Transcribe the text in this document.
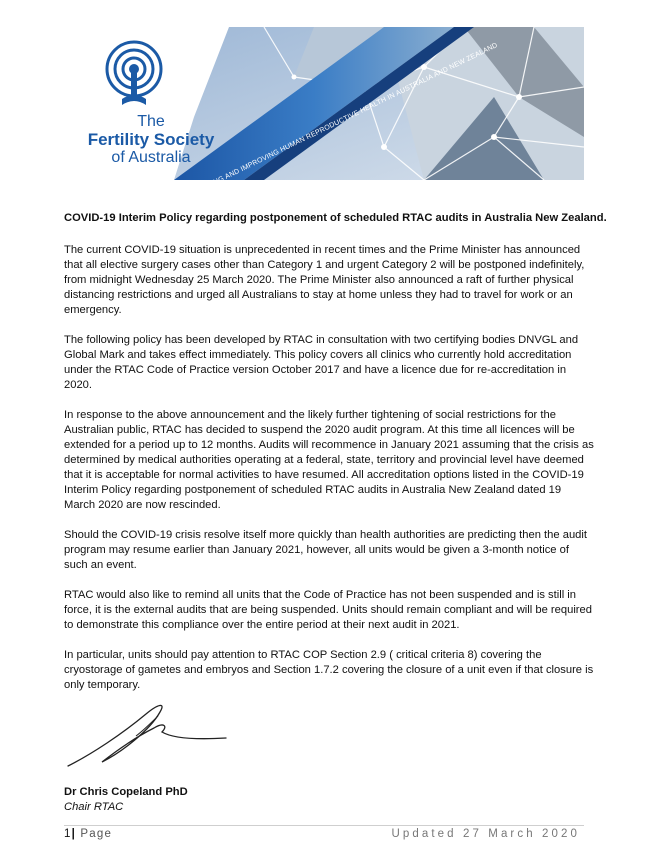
The
Fertility Society
of Australia
AND IMPROVING HUMAN REPRODUCTIVE HEALTH IN AUSTRALIA AND NEW

COVID-19 Interim Policy regarding postponement of scheduled RTAC audits in Australia New Zealand.

The current COVID-19 situation is unprecedented in recent times and the Prime Minister has announced that all elective surgery cases other than Category 1 and urgent Category 2 will be postponed indefinitely, from midnight Wednesday 25 March 2020. The Prime Minister also announced a raft of further physical distancing restrictions and urged all Australians to stay at home unless they had to travel for work or an emergency.

The following policy has been developed by RTAC in consultation with two certifying bodies DNVGL and Global Mark and takes effect immediately. This policy covers all clinics who currently hold accreditation under the RTAC Code of Practice version October 2017 and have a licence due for re-accreditation in 2020.

In response to the above announcement and the likely further tightening of social restrictions for the Australian public, RTAC has decided to suspend the 2020 audit program. At this time all licences will be extended for a period up to 12 months. Audits will recommence in January 2021 assuming that the crisis as determined by medical authorities operating at a federal, state, territory and provincial level have deemed that it is acceptable for normal activities to have resumed. All accreditation options listed in the COVID-19 Interim Policy regarding postponement of scheduled RTAC audits in Australia New Zealand dated 19 March 2020 are now rescinded.

Should the COVID-19 crisis resolve itself more quickly than health authorities are predicting then the audit program may resume earlier than January 2021, however, all units would be given a 3-month notice of such an event.

RTAC would also like to remind all units that the Code of Practice has not been suspended and is still in force, it is the external audits that are being suspended. Units should remain compliant and will be required to demonstrate this compliance over the entire period at their next audit in 2021.

In particular, units should pay attention to RTAC COP Section 2.9 ( critical criteria 8) covering the cryostorage of gametes and embryos and Section 1.7.2 covering the closure of a unit even if that closure is only temporary.

Dr Chris Copeland PhD
Chair RTAC
1| Page	Updated 27 March 2020
